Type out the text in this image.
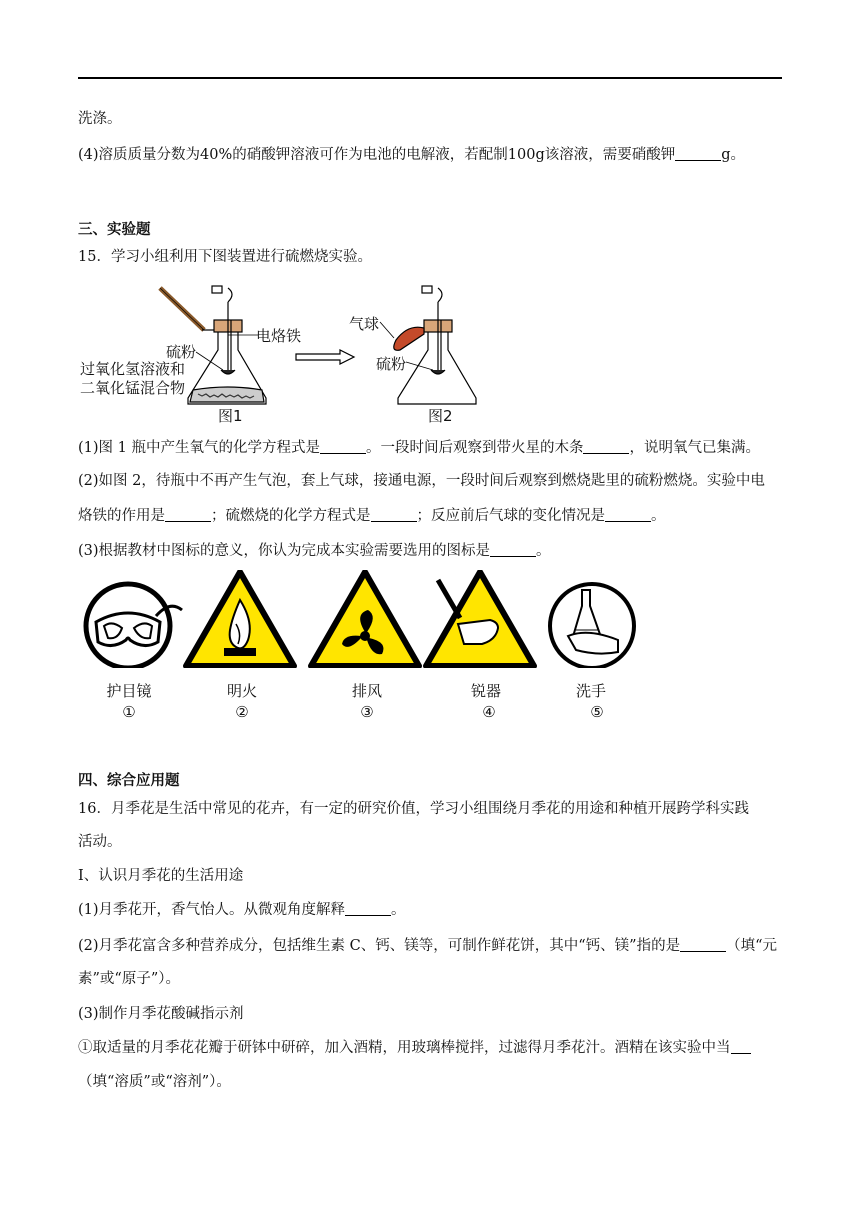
洗涤。
(4)溶质质量分数为40%的硝酸钾溶液可作为电池的电解液，若配制100g该溶液，需要硝酸钾	g。
三、实验题
15．学习小组利用下图装置进行硫燃烧实验。
电烙铁
硫粉
过氧化氢溶液和
二氧化锰混合物
气球
硫粉
图1	图2
(1)图 1 瓶中产生氧气的化学方程式是	。一段时间后观察到带火星的木条	，说明氧气已集满。
(2)如图 2，待瓶中不再产生气泡，套上气球，接通电源，一段时间后观察到燃烧匙里的硫粉燃烧。实验中电
烙铁的作用是	；硫燃烧的化学方程式是	；反应前后气球的变化情况是	。
(3)根据教材中图标的意义，你认为完成本实验需要选用的图标是	。
护目镜
①
明火
②
排风
③
锐器
④
洗手
⑤
四、综合应用题
16．月季花是生活中常见的花卉，有一定的研究价值，学习小组围绕月季花的用途和种植开展跨学科实践
活动。
Ⅰ、认识月季花的生活用途
(1)月季花开，香气怡人。从微观角度解释	。
(2)月季花富含多种营养成分，包括维生素 C、钙、镁等，可制作鲜花饼，其中“钙、镁”指的是	（填“元
素”或“原子”）。
(3)制作月季花酸碱指示剂
①取适量的月季花花瓣于研钵中研碎，加入酒精，用玻璃棒搅拌，过滤得月季花汁。酒精在该实验中当
（填“溶质”或“溶剂”）。
